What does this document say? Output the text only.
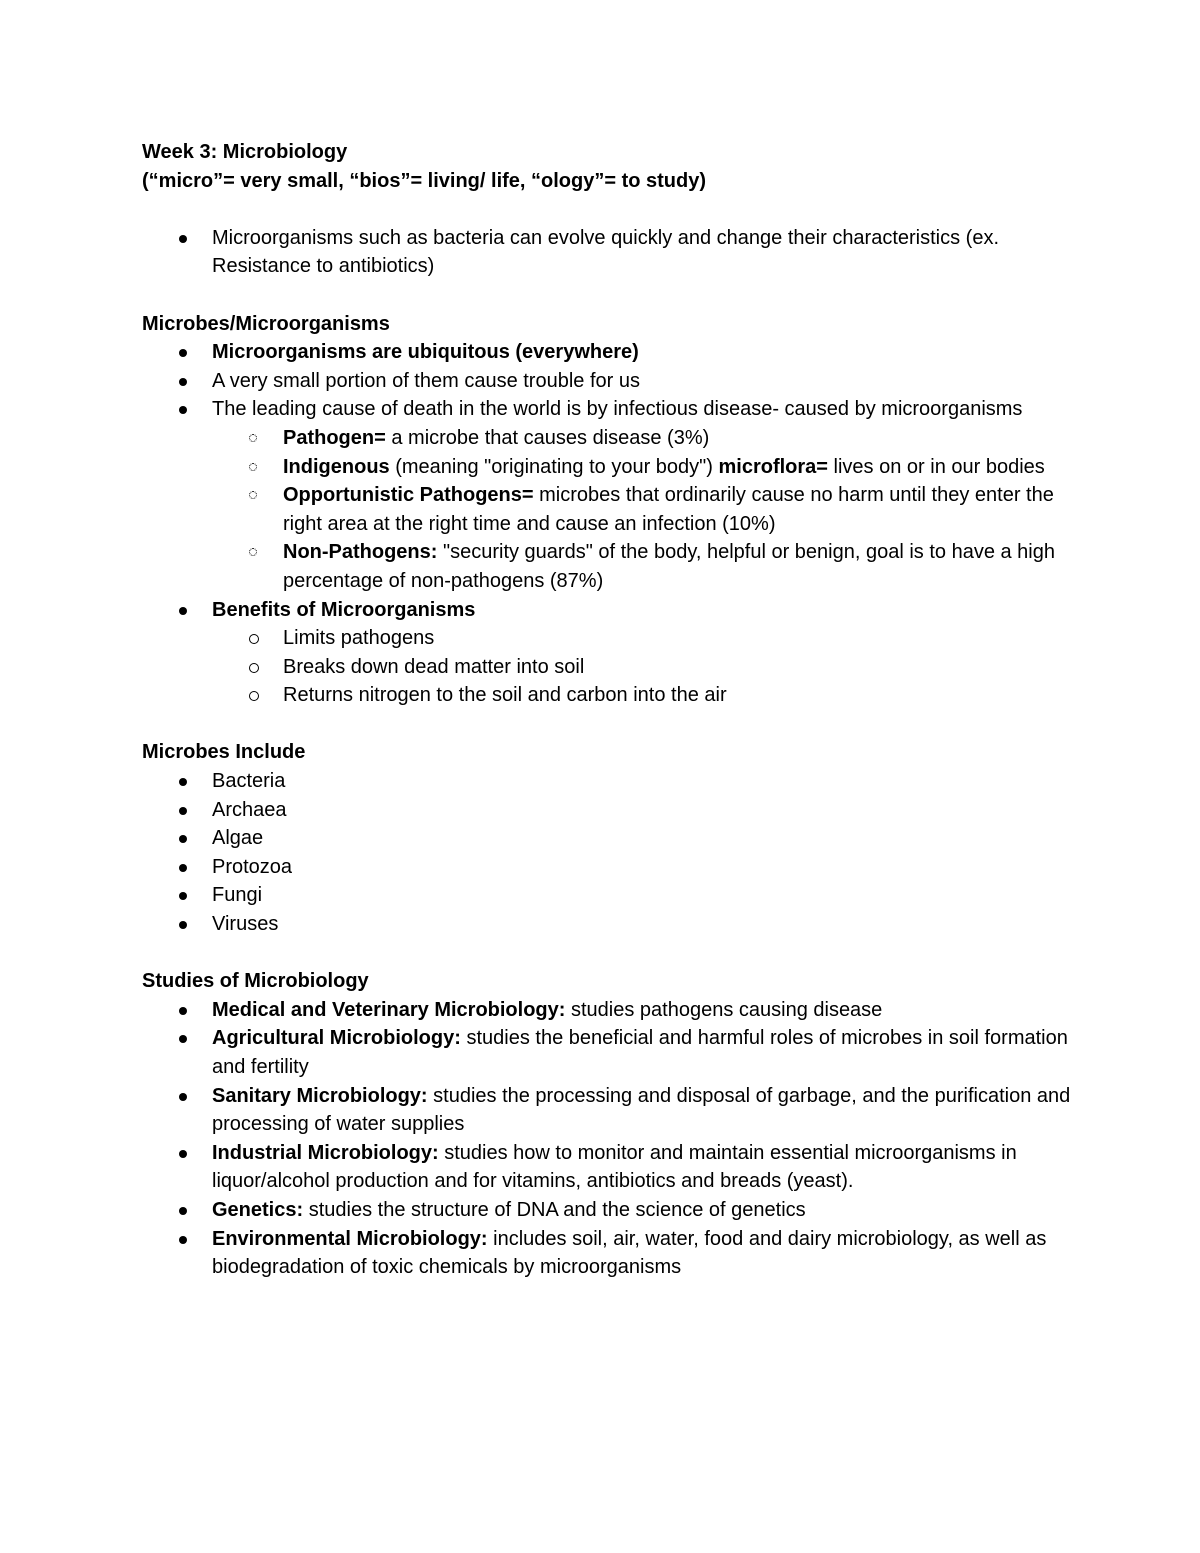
Week 3: Microbiology

(“micro”= very small, “bios”= living/ life, “ology”= to study)

Microorganisms such as bacteria can evolve quickly and change their characteristics (ex. Resistance to antibiotics)

Microbes/Microorganisms

Microorganisms are ubiquitous (everywhere)
A very small portion of them cause trouble for us
The leading cause of death in the world is by infectious disease- caused by microorganisms
Pathogen= a microbe that causes disease (3%)
Indigenous (meaning "originating to your body") microflora= lives on or in our bodies
Opportunistic Pathogens= microbes that ordinarily cause no harm until they enter the right area at the right time and cause an infection (10%)
Non-Pathogens: "security guards" of the body, helpful or benign, goal is to have a high percentage of non-pathogens (87%)
Benefits of Microorganisms
Limits pathogens
Breaks down dead matter into soil
Returns nitrogen to the soil and carbon into the air

Microbes Include

Bacteria
Archaea
Algae
Protozoa
Fungi
Viruses

Studies of Microbiology

Medical and Veterinary Microbiology: studies pathogens causing disease
Agricultural Microbiology: studies the beneficial and harmful roles of microbes in soil formation and fertility
Sanitary Microbiology: studies the processing and disposal of garbage, and the purification and processing of water supplies
Industrial Microbiology: studies how to monitor and maintain essential microorganisms in liquor/alcohol production and for vitamins, antibiotics and breads (yeast).
Genetics: studies the structure of DNA and the science of genetics
Environmental Microbiology: includes soil, air, water, food and dairy microbiology, as well as biodegradation of toxic chemicals by microorganisms
